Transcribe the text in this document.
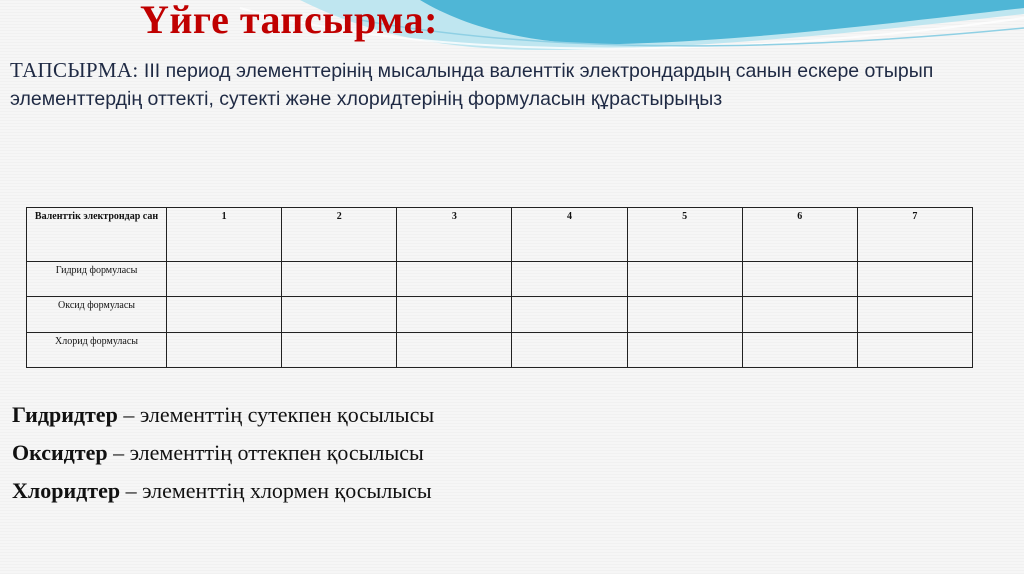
Үйге тапсырма:
ТАПСЫРМА: ІІІ период элементтерінің мысалында валенттік электрондардың санын ескере отырып элементтердің оттекті, сутекті және хлоридтерінің формуласын құрастырыңыз
Валенттік электрондар сан	1	2	3	4	5	6	7
Гидрид формуласы							
Оксид формуласы							
Хлорид формуласы							
Гидридтер – элементтің сутекпен қосылысы
Оксидтер – элементтің оттекпен қосылысы
Хлоридтер – элементтің хлормен қосылысы
